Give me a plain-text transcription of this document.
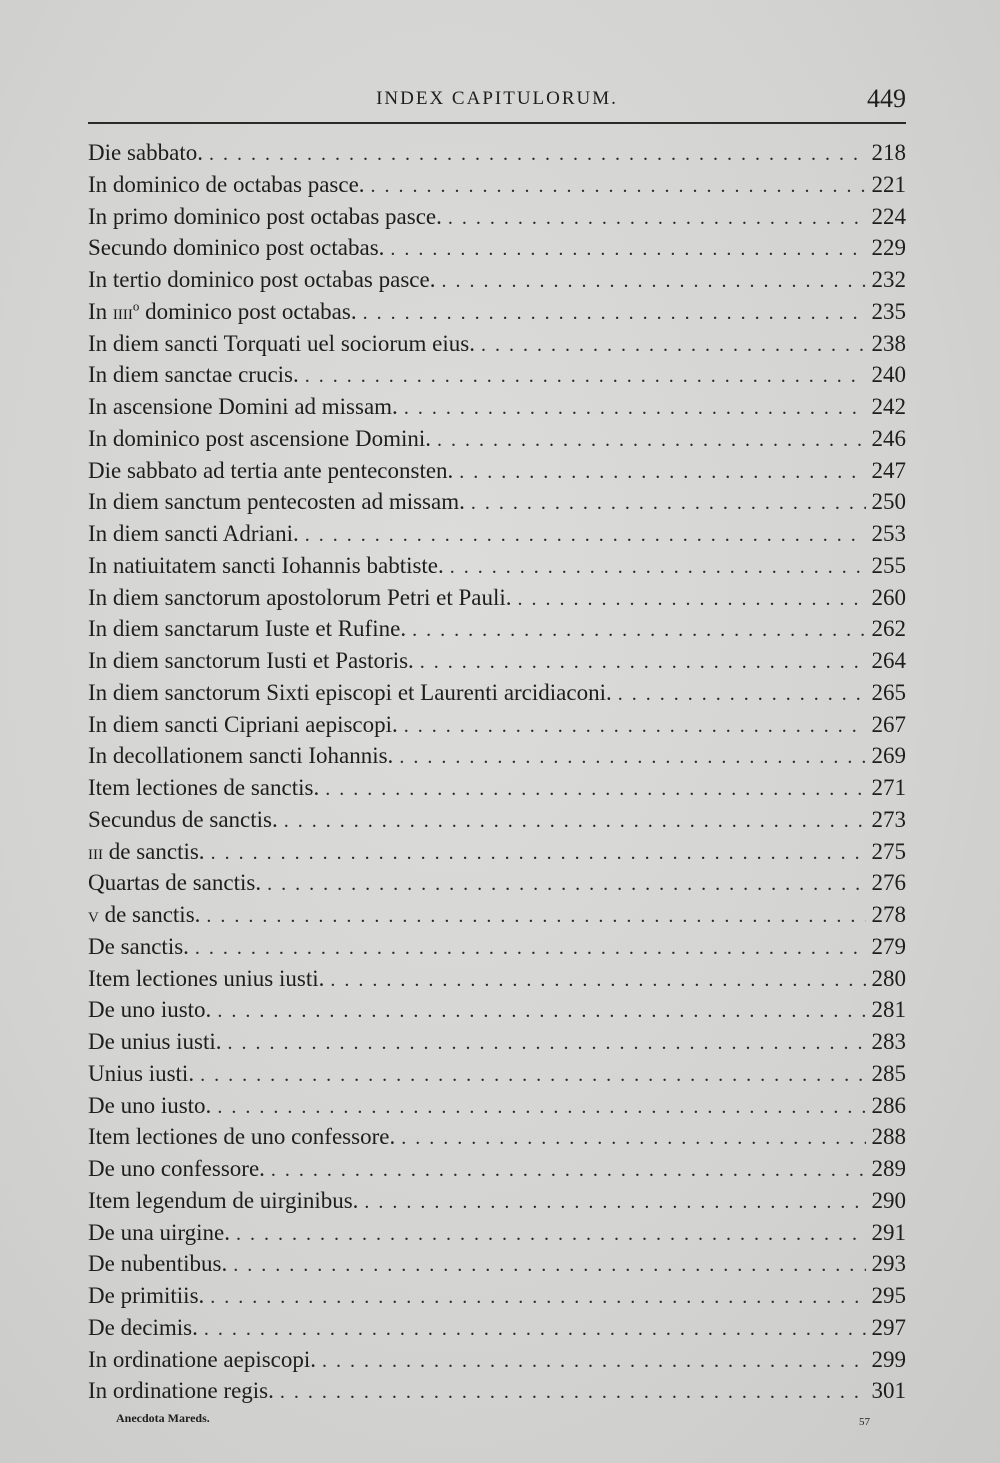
INDEX CAPITULORUM.	449
Die sabbato. . . .	218
In dominico de octabas pasce. . . .	221
In primo dominico post octabas pasce. . . .	224
Secundo dominico post octabas. . . .	229
In tertio dominico post octabas pasce. . . .	232
In iiii$^o$ dominico post octabas. . . .	235
In diem sancti Torquati uel sociorum eius. . . .	238
In diem sanctae crucis. . . .	240
In ascensione Domini ad missam. . . .	242
In dominico post ascensione Domini. . . .	246
Die sabbato ad tertia ante penteconsten. . . .	247
In diem sanctum pentecosten ad missam. . . .	250
In diem sancti Adriani. . . .	253
In natiuitatem sancti Iohannis babtiste. . . .	255
In diem sanctorum apostolorum Petri et Pauli. . . .	260
In diem sanctarum Iuste et Rufine. . . .	262
In diem sanctorum Iusti et Pastoris. . . .	264
In diem sanctorum Sixti episcopi et Laurenti arcidiaconi. . . .	265
In diem sancti Cipriani aepiscopi. . . .	267
In decollationem sancti Iohannis. . . .	269
Item lectiones de sanctis. . . .	271
Secundus de sanctis. . . .	273
iii de sanctis. . . .	275
Quartas de sanctis. . . .	276
v de sanctis. . . .	278
De sanctis. . . .	279
Item lectiones unius iusti. . . .	280
De uno iusto. . . .	281
De unius iusti. . . .	283
Unius iusti. . . .	285
De uno iusto. . . .	286
Item lectiones de uno confessore. . . .	288
De uno confessore. . . .	289
Item legendum de uirginibus. . . .	290
De una uirgine. . . .	291
De nubentibus. . . .	293
De primitiis. . . .	295
De decimis. . . .	297
In ordinatione aepiscopi. . . .	299
In ordinatione regis. . . .	301
Anecdota Mareds.	57
